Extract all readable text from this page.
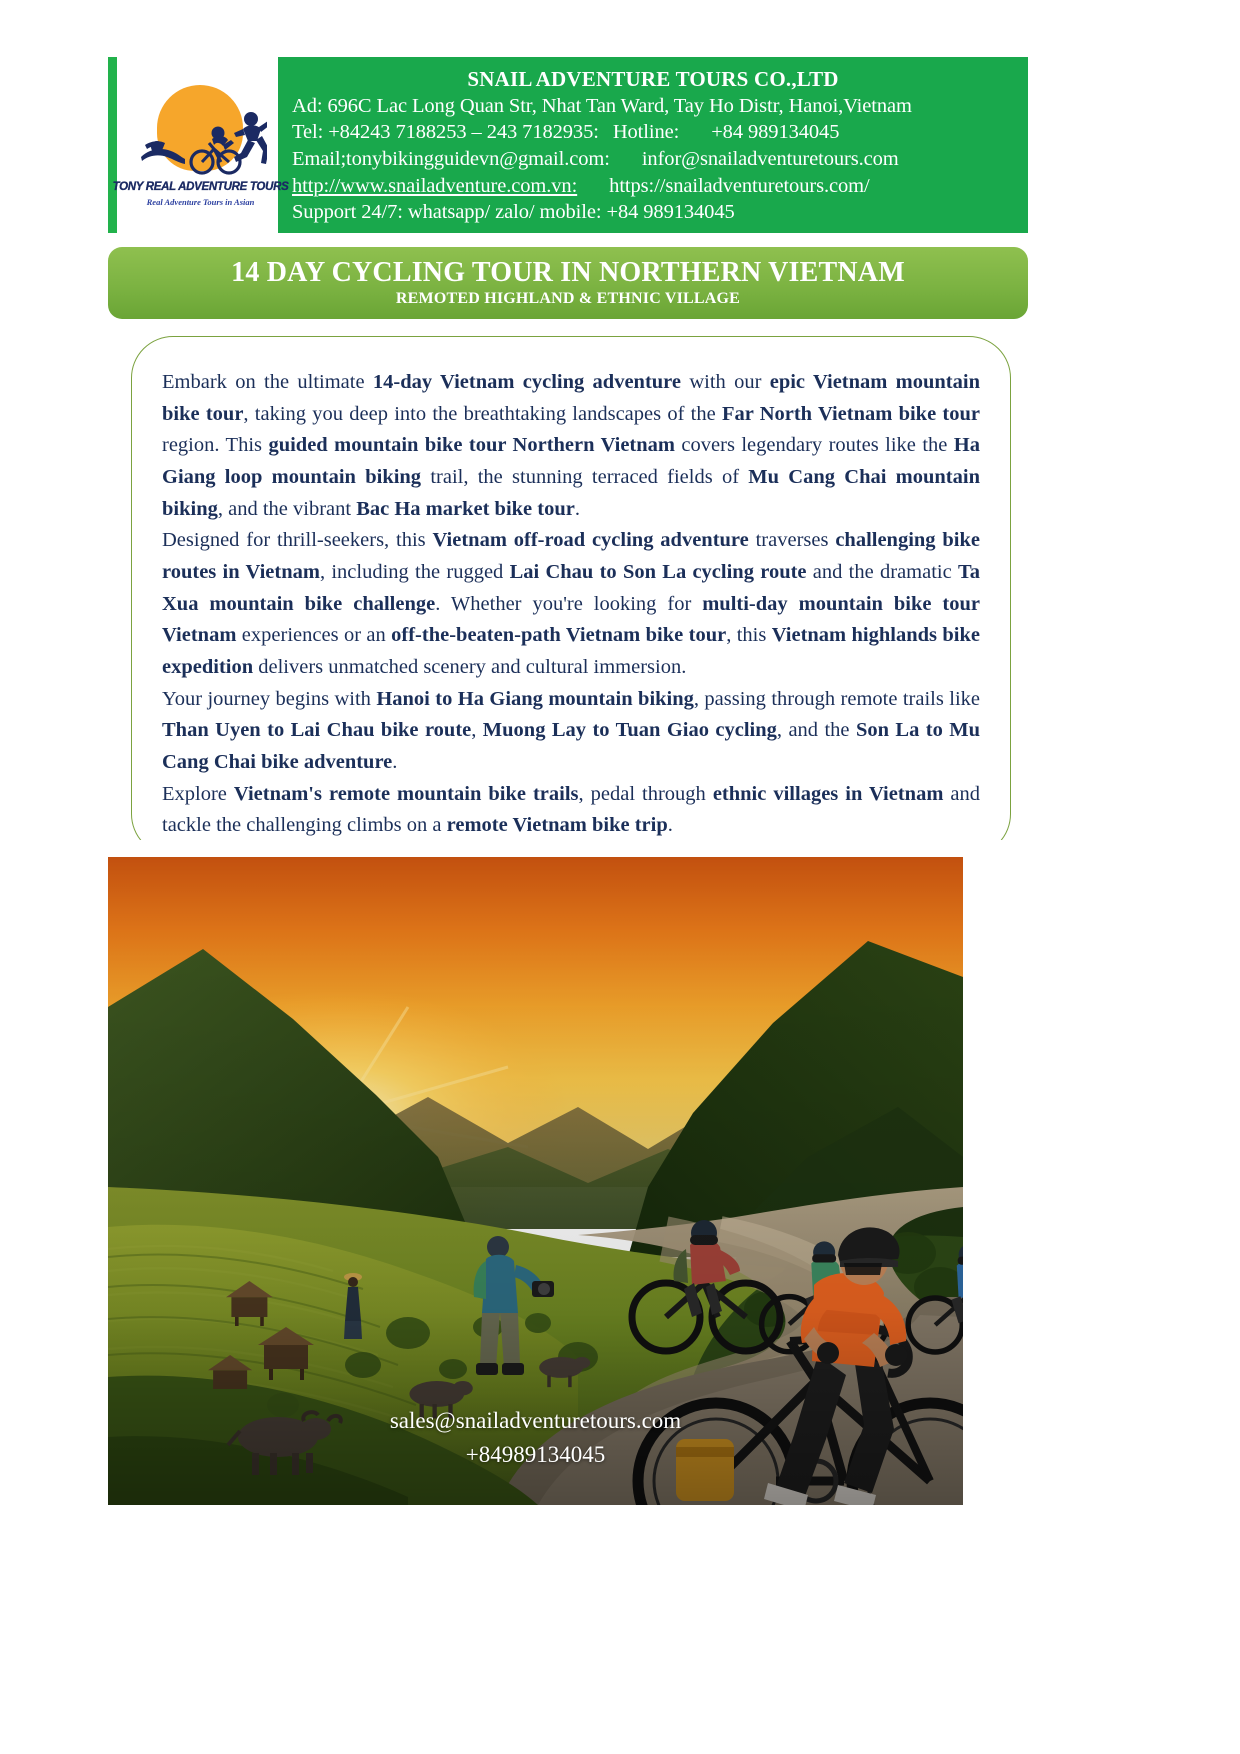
TONY REAL ADVENTURE TOURS
Real Adventure Tours in Asian
SNAIL ADVENTURE TOURS CO.,LTD
Ad: 696C Lac Long Quan Str, Nhat Tan Ward, Tay Ho Distr, Hanoi,Vietnam
Tel: +84243 7188253 – 243 7182935: Hotline: +84 989134045
Email;tonybikingguidevn@gmail.com: infor@snailadventuretours.com
http://www.snailadventure.com.vn: https://snailadventuretours.com/
Support 24/7: whatsapp/ zalo/ mobile: +84 989134045
14 DAY CYCLING TOUR IN NORTHERN VIETNAM
REMOTED HIGHLAND & ETHNIC VILLAGE

Embark on the ultimate 14-day Vietnam cycling adventure with our epic Vietnam mountain bike tour, taking you deep into the breathtaking landscapes of the Far North Vietnam bike tour region. This guided mountain bike tour Northern Vietnam covers legendary routes like the Ha Giang loop mountain biking trail, the stunning terraced fields of Mu Cang Chai mountain biking, and the vibrant Bac Ha market bike tour.

Designed for thrill-seekers, this Vietnam off-road cycling adventure traverses challenging bike routes in Vietnam, including the rugged Lai Chau to Son La cycling route and the dramatic Ta Xua mountain bike challenge. Whether you're looking for multi-day mountain bike tour Vietnam experiences or an off-the-beaten-path Vietnam bike tour, this Vietnam highlands bike expedition delivers unmatched scenery and cultural immersion.

Your journey begins with Hanoi to Ha Giang mountain biking, passing through remote trails like Than Uyen to Lai Chau bike route, Muong Lay to Tuan Giao cycling, and the Son La to Mu Cang Chai bike adventure.

Explore Vietnam's remote mountain bike trails, pedal through ethnic villages in Vietnam and tackle the challenging climbs on a remote Vietnam bike trip.

sales@snailadventuretours.com
+84989134045
